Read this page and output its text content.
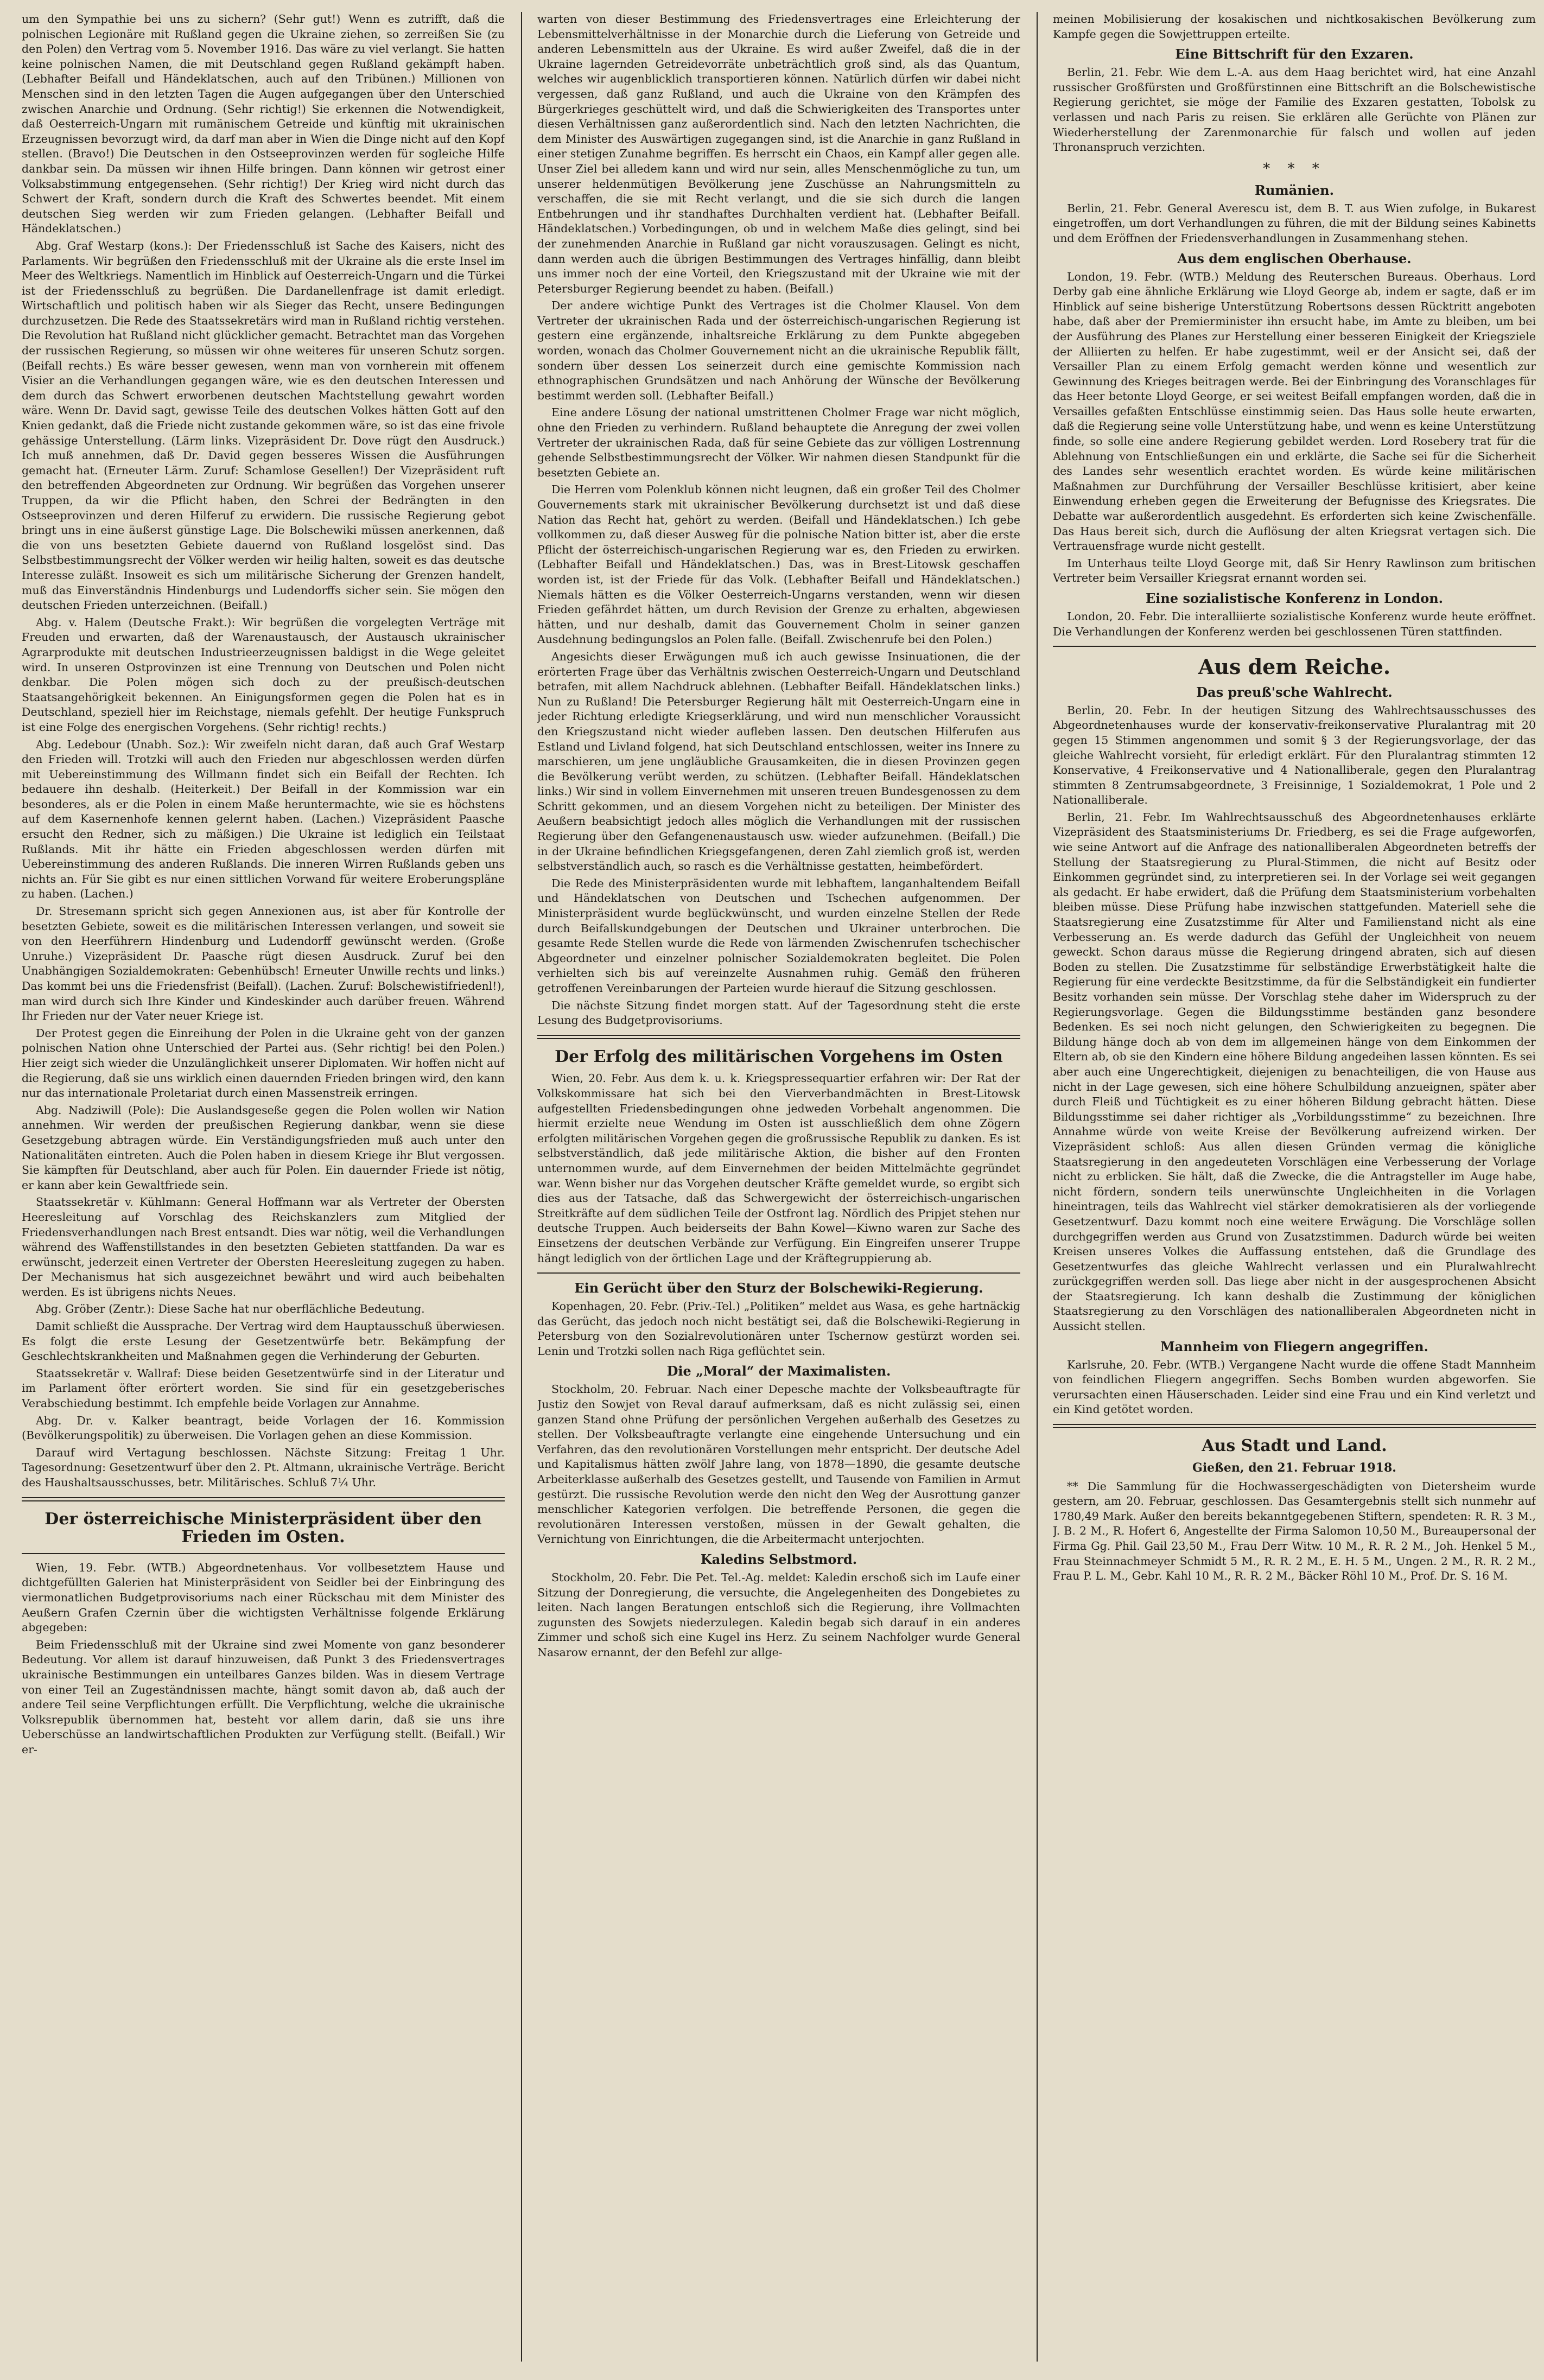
um den Sympathie bei uns zu sichern? (Sehr gut!) Wenn es zutrifft, daß die polnischen Legionäre mit Rußland gegen die Ukraine ziehen, so zerreißen Sie (zu den Polen) den Vertrag vom 5. November 1916. Das wäre zu viel verlangt. Sie hatten keine polnischen Namen, die mit Deutschland gegen Rußland gekämpft haben. (Lebhafter Beifall und Händeklatschen, auch auf den Tribünen.) Millionen von Menschen sind in den letzten Tagen die Augen aufgegangen über den Unterschied zwischen Anarchie und Ordnung. (Sehr richtig!) Sie erkennen die Notwendigkeit, daß Oesterreich-Ungarn mit rumänischem Getreide und künftig mit ukrainischen Erzeugnissen bevorzugt wird, da darf man aber in Wien die Dinge nicht auf den Kopf stellen. (Bravo!) Die Deutschen in den Ostseeprovinzen werden für sogleiche Hilfe dankbar sein. Da müssen wir ihnen Hilfe bringen. Dann können wir getrost einer Volksabstimmung entgegensehen. (Sehr richtig!) Der Krieg wird nicht durch das Schwert der Kraft, sondern durch die Kraft des Schwertes beendet. Mit einem deutschen Sieg werden wir zum Frieden gelangen. (Lebhafter Beifall und Händeklatschen.)

Abg. Graf Westarp (kons.): Der Friedensschluß ist Sache des Kaisers, nicht des Parlaments. Wir begrüßen den Friedensschluß mit der Ukraine als die erste Insel im Meer des Weltkriegs. Namentlich im Hinblick auf Oesterreich-Ungarn und die Türkei ist der Friedensschluß zu begrüßen. Die Dardanellenfrage ist damit erledigt. Wirtschaftlich und politisch haben wir als Sieger das Recht, unsere Bedingungen durchzusetzen. Die Rede des Staatssekretärs wird man in Rußland richtig verstehen. Die Revolution hat Rußland nicht glücklicher gemacht. Betrachtet man das Vorgehen der russischen Regierung, so müssen wir ohne weiteres für unseren Schutz sorgen. (Beifall rechts.) Es wäre besser gewesen, wenn man von vornherein mit offenem Visier an die Verhandlungen gegangen wäre, wie es den deutschen Interessen und dem durch das Schwert erworbenen deutschen Machtstellung gewahrt worden wäre. Wenn Dr. David sagt, gewisse Teile des deutschen Volkes hätten Gott auf den Knien gedankt, daß die Friede nicht zustande gekommen wäre, so ist das eine frivole gehässige Unterstellung. (Lärm links. Vizepräsident Dr. Dove rügt den Ausdruck.) Ich muß annehmen, daß Dr. David gegen besseres Wissen die Ausführungen gemacht hat. (Erneuter Lärm. Zuruf: Schamlose Gesellen!) Der Vizepräsident ruft den betreffenden Abgeordneten zur Ordnung. Wir begrüßen das Vorgehen unserer Truppen, da wir die Pflicht haben, den Schrei der Bedrängten in den Ostseeprovinzen und deren Hilferuf zu erwidern. Die russische Regierung gebot bringt uns in eine äußerst günstige Lage. Die Bolschewiki müssen anerkennen, daß die von uns besetzten Gebiete dauernd von Rußland losgelöst sind. Das Selbstbestimmungsrecht der Völker werden wir heilig halten, soweit es das deutsche Interesse zuläßt. Insoweit es sich um militärische Sicherung der Grenzen handelt, muß das Einverständnis Hindenburgs und Ludendorffs sicher sein. Sie mögen den deutschen Frieden unterzeichnen. (Beifall.)

Abg. v. Halem (Deutsche Frakt.): Wir begrüßen die vorgelegten Verträge mit Freuden und erwarten, daß der Warenaustausch, der Austausch ukrainischer Agrarprodukte mit deutschen Industrieerzeugnissen baldigst in die Wege geleitet wird. In unseren Ostprovinzen ist eine Trennung von Deutschen und Polen nicht denkbar. Die Polen mögen sich doch zu der preußisch-deutschen Staatsangehörigkeit bekennen. An Einigungsformen gegen die Polen hat es in Deutschland, speziell hier im Reichstage, niemals gefehlt. Der heutige Funkspruch ist eine Folge des energischen Vorgehens. (Sehr richtig! rechts.)

Abg. Ledebour (Unabh. Soz.): Wir zweifeln nicht daran, daß auch Graf Westarp den Frieden will. Trotzki will auch den Frieden nur abgeschlossen werden dürfen mit Uebereinstimmung des Willmann findet sich ein Beifall der Rechten. Ich bedauere ihn deshalb. (Heiterkeit.) Der Beifall in der Kommission war ein besonderes, als er die Polen in einem Maße heruntermachte, wie sie es höchstens auf dem Kasernenhofe kennen gelernt haben. (Lachen.) Vizepräsident Paasche ersucht den Redner, sich zu mäßigen.) Die Ukraine ist lediglich ein Teilstaat Rußlands. Mit ihr hätte ein Frieden abgeschlossen werden dürfen mit Uebereinstimmung des anderen Rußlands. Die inneren Wirren Rußlands geben uns nichts an. Für Sie gibt es nur einen sittlichen Vorwand für weitere Eroberungspläne zu haben. (Lachen.)

Dr. Stresemann spricht sich gegen Annexionen aus, ist aber für Kontrolle der besetzten Gebiete, soweit es die militärischen Interessen verlangen, und soweit sie von den Heerführern Hindenburg und Ludendorff gewünscht werden. (Große Unruhe.) Vizepräsident Dr. Paasche rügt diesen Ausdruck. Zuruf bei den Unabhängigen Sozialdemokraten: Gebenhübsch! Erneuter Unwille rechts und links.) Das kommt bei uns die Friedensfrist (Beifall). (Lachen. Zuruf: Bolschewistifriedenl!), man wird durch sich Ihre Kinder und Kindeskinder auch darüber freuen. Während Ihr Frieden nur der Vater neuer Kriege ist.

Der Protest gegen die Einreihung der Polen in die Ukraine geht von der ganzen polnischen Nation ohne Unterschied der Partei aus. (Sehr richtig! bei den Polen.) Hier zeigt sich wieder die Unzulänglichkeit unserer Diplomaten. Wir hoffen nicht auf die Regierung, daß sie uns wirklich einen dauernden Frieden bringen wird, den kann nur das internationale Proletariat durch einen Massenstreik erringen.

Abg. Nadziwill (Pole): Die Auslandsgeseße gegen die Polen wollen wir Nation annehmen. Wir werden der preußischen Regierung dankbar, wenn sie diese Gesetzgebung abtragen würde. Ein Verständigungsfrieden muß auch unter den Nationalitäten eintreten. Auch die Polen haben in diesem Kriege ihr Blut vergossen. Sie kämpften für Deutschland, aber auch für Polen. Ein dauernder Friede ist nötig, er kann aber kein Gewaltfriede sein.

Staatssekretär v. Kühlmann: General Hoffmann war als Vertreter der Obersten Heeresleitung auf Vorschlag des Reichskanzlers zum Mitglied der Friedensverhandlungen nach Brest entsandt. Dies war nötig, weil die Verhandlungen während des Waffenstillstandes in den besetzten Gebieten stattfanden. Da war es erwünscht, jederzeit einen Vertreter der Obersten Heeresleitung zugegen zu haben. Der Mechanismus hat sich ausgezeichnet bewährt und wird auch beibehalten werden. Es ist übrigens nichts Neues.

Abg. Gröber (Zentr.): Diese Sache hat nur oberflächliche Bedeutung.

Damit schließt die Aussprache. Der Vertrag wird dem Hauptausschuß überwiesen. Es folgt die erste Lesung der Gesetzentwürfe betr. Bekämpfung der Geschlechtskrankheiten und Maßnahmen gegen die Verhinderung der Geburten.

Staatssekretär v. Wallraf: Diese beiden Gesetzentwürfe sind in der Literatur und im Parlament öfter erörtert worden. Sie sind für ein gesetzgeberisches Verabschiedung bestimmt. Ich empfehle beide Vorlagen zur Annahme.

Abg. Dr. v. Kalker beantragt, beide Vorlagen der 16. Kommission (Bevölkerungspolitik) zu überweisen. Die Vorlagen gehen an diese Kommission.

Darauf wird Vertagung beschlossen. Nächste Sitzung: Freitag 1 Uhr. Tagesordnung: Gesetzentwurf über den 2. Pt. Altmann, ukrainische Verträge. Bericht des Haushaltsausschusses, betr. Militärisches. Schluß 7¼ Uhr.

Der österreichische Ministerpräsident über den Frieden im Osten.

Wien, 19. Febr. (WTB.) Abgeordnetenhaus. Vor vollbesetztem Hause und dichtgefüllten Galerien hat Ministerpräsident von Seidler bei der Einbringung des viermonatlichen Budgetprovisoriums nach einer Rückschau mit dem Minister des Aeußern Grafen Czernin über die wichtigsten Verhältnisse folgende Erklärung abgegeben:

Beim Friedensschluß mit der Ukraine sind zwei Momente von ganz besonderer Bedeutung. Vor allem ist darauf hinzuweisen, daß Punkt 3 des Friedensvertrages ukrainische Bestimmungen ein unteilbares Ganzes bilden. Was in diesem Vertrage von einer Teil an Zugeständnissen machte, hängt somit davon ab, daß auch der andere Teil seine Verpflichtungen erfüllt. Die Verpflichtung, welche die ukrainische Volksrepublik übernommen hat, besteht vor allem darin, daß sie uns ihre Ueberschüsse an landwirtschaftlichen Produkten zur Verfügung stellt. (Beifall.) Wir er-

warten von dieser Bestimmung des Friedensvertrages eine Erleichterung der Lebensmittelverhältnisse in der Monarchie durch die Lieferung von Getreide und anderen Lebensmitteln aus der Ukraine. Es wird außer Zweifel, daß die in der Ukraine lagernden Getreidevorräte unbeträchtlich groß sind, als das Quantum, welches wir augenblicklich transportieren können. Natürlich dürfen wir dabei nicht vergessen, daß ganz Rußland, und auch die Ukraine von den Krämpfen des Bürgerkrieges geschüttelt wird, und daß die Schwierigkeiten des Transportes unter diesen Verhältnissen ganz außerordentlich sind. Nach den letzten Nachrichten, die dem Minister des Auswärtigen zugegangen sind, ist die Anarchie in ganz Rußland in einer stetigen Zunahme begriffen. Es herrscht ein Chaos, ein Kampf aller gegen alle. Unser Ziel bei alledem kann und wird nur sein, alles Menschenmögliche zu tun, um unserer heldenmütigen Bevölkerung jene Zuschüsse an Nahrungsmitteln zu verschaffen, die sie mit Recht verlangt, und die sie sich durch die langen Entbehrungen und ihr standhaftes Durchhalten verdient hat. (Lebhafter Beifall. Händeklatschen.) Vorbedingungen, ob und in welchem Maße dies gelingt, sind bei der zunehmenden Anarchie in Rußland gar nicht vorauszusagen. Gelingt es nicht, dann werden auch die übrigen Bestimmungen des Vertrages hinfällig, dann bleibt uns immer noch der eine Vorteil, den Kriegszustand mit der Ukraine wie mit der Petersburger Regierung beendet zu haben. (Beifall.)

Der andere wichtige Punkt des Vertrages ist die Cholmer Klausel. Von dem Vertreter der ukrainischen Rada und der österreichisch-ungarischen Regierung ist gestern eine ergänzende, inhaltsreiche Erklärung zu dem Punkte abgegeben worden, wonach das Cholmer Gouvernement nicht an die ukrainische Republik fällt, sondern über dessen Los seinerzeit durch eine gemischte Kommission nach ethnographischen Grundsätzen und nach Anhörung der Wünsche der Bevölkerung bestimmt werden soll. (Lebhafter Beifall.)

Eine andere Lösung der national umstrittenen Cholmer Frage war nicht möglich, ohne den Frieden zu verhindern. Rußland behauptete die Anregung der zwei vollen Vertreter der ukrainischen Rada, daß für seine Gebiete das zur völligen Lostrennung gehende Selbstbestimmungsrecht der Völker. Wir nahmen diesen Standpunkt für die besetzten Gebiete an.

Die Herren vom Polenklub können nicht leugnen, daß ein großer Teil des Cholmer Gouvernements stark mit ukrainischer Bevölkerung durchsetzt ist und daß diese Nation das Recht hat, gehört zu werden. (Beifall und Händeklatschen.) Ich gebe vollkommen zu, daß dieser Ausweg für die polnische Nation bitter ist, aber die erste Pflicht der österreichisch-ungarischen Regierung war es, den Frieden zu erwirken. (Lebhafter Beifall und Händeklatschen.) Das, was in Brest-Litowsk geschaffen worden ist, ist der Friede für das Volk. (Lebhafter Beifall und Händeklatschen.) Niemals hätten es die Völker Oesterreich-Ungarns verstanden, wenn wir diesen Frieden gefährdet hätten, um durch Revision der Grenze zu erhalten, abgewiesen hätten, und nur deshalb, damit das Gouvernement Cholm in seiner ganzen Ausdehnung bedingungslos an Polen falle. (Beifall. Zwischenrufe bei den Polen.)

Angesichts dieser Erwägungen muß ich auch gewisse Insinuationen, die der erörterten Frage über das Verhältnis zwischen Oesterreich-Ungarn und Deutschland betrafen, mit allem Nachdruck ablehnen. (Lebhafter Beifall. Händeklatschen links.) Nun zu Rußland! Die Petersburger Regierung hält mit Oesterreich-Ungarn eine in jeder Richtung erledigte Kriegserklärung, und wird nun menschlicher Voraussicht den Kriegszustand nicht wieder aufleben lassen. Den deutschen Hilferufen aus Estland und Livland folgend, hat sich Deutschland entschlossen, weiter ins Innere zu marschieren, um jene ungläubliche Grausamkeiten, die in diesen Provinzen gegen die Bevölkerung verübt werden, zu schützen. (Lebhafter Beifall. Händeklatschen links.) Wir sind in vollem Einvernehmen mit unseren treuen Bundesgenossen zu dem Schritt gekommen, und an diesem Vorgehen nicht zu beteiligen. Der Minister des Aeußern beabsichtigt jedoch alles möglich die Verhandlungen mit der russischen Regierung über den Gefangenenaustausch usw. wieder aufzunehmen. (Beifall.) Die in der Ukraine befindlichen Kriegsgefangenen, deren Zahl ziemlich groß ist, werden selbstverständlich auch, so rasch es die Verhältnisse gestatten, heimbefördert.

Die Rede des Ministerpräsidenten wurde mit lebhaftem, langanhaltendem Beifall und Händeklatschen von Deutschen und Tschechen aufgenommen. Der Ministerpräsident wurde beglückwünscht, und wurden einzelne Stellen der Rede durch Beifallskundgebungen der Deutschen und Ukrainer unterbrochen. Die gesamte Rede Stellen wurde die Rede von lärmenden Zwischenrufen tschechischer Abgeordneter und einzelner polnischer Sozialdemokraten begleitet. Die Polen verhielten sich bis auf vereinzelte Ausnahmen ruhig. Gemäß den früheren getroffenen Vereinbarungen der Parteien wurde hierauf die Sitzung geschlossen.

Die nächste Sitzung findet morgen statt. Auf der Tagesordnung steht die erste Lesung des Budgetprovisoriums.

Der Erfolg des militärischen Vorgehens im Osten

Wien, 20. Febr. Aus dem k. u. k. Kriegspressequartier erfahren wir: Der Rat der Volkskommissare hat sich bei den Vierverbandmächten in Brest-Litowsk aufgestellten Friedensbedingungen ohne jedweden Vorbehalt angenommen. Die hiermit erzielte neue Wendung im Osten ist ausschließlich dem ohne Zögern erfolgten militärischen Vorgehen gegen die großrussische Republik zu danken. Es ist selbstverständlich, daß jede militärische Aktion, die bisher auf den Fronten unternommen wurde, auf dem Einvernehmen der beiden Mittelmächte gegründet war. Wenn bisher nur das Vorgehen deutscher Kräfte gemeldet wurde, so ergibt sich dies aus der Tatsache, daß das Schwergewicht der österreichisch-ungarischen Streitkräfte auf dem südlichen Teile der Ostfront lag. Nördlich des Pripjet stehen nur deutsche Truppen. Auch beiderseits der Bahn Kowel—Kiwno waren zur Sache des Einsetzens der deutschen Verbände zur Verfügung. Ein Eingreifen unserer Truppe hängt lediglich von der örtlichen Lage und der Kräftegruppierung ab.

Ein Gerücht über den Sturz der Bolschewiki-Regierung.

Kopenhagen, 20. Febr. (Priv.-Tel.) „Politiken“ meldet aus Wasa, es gehe hartnäckig das Gerücht, das jedoch noch nicht bestätigt sei, daß die Bolschewiki-Regierung in Petersburg von den Sozialrevolutionären unter Tschernow gestürzt worden sei. Lenin und Trotzki sollen nach Riga geflüchtet sein.

Die „Moral“ der Maximalisten.

Stockholm, 20. Februar. Nach einer Depesche machte der Volksbeauftragte für Justiz den Sowjet von Reval darauf aufmerksam, daß es nicht zulässig sei, einen ganzen Stand ohne Prüfung der persönlichen Vergehen außerhalb des Gesetzes zu stellen. Der Volksbeauftragte verlangte eine eingehende Untersuchung und ein Verfahren, das den revolutionären Vorstellungen mehr entspricht. Der deutsche Adel und Kapitalismus hätten zwölf Jahre lang, von 1878—1890, die gesamte deutsche Arbeiterklasse außerhalb des Gesetzes gestellt, und Tausende von Familien in Armut gestürzt. Die russische Revolution werde den nicht den Weg der Ausrottung ganzer menschlicher Kategorien verfolgen. Die betreffende Personen, die gegen die revolutionären Interessen verstoßen, müssen in der Gewalt gehalten, die Vernichtung von Einrichtungen, die die Arbeitermacht unterjochten.

Kaledins Selbstmord.

Stockholm, 20. Febr. Die Pet. Tel.-Ag. meldet: Kaledin erschoß sich im Laufe einer Sitzung der Donregierung, die versuchte, die Angelegenheiten des Dongebietes zu leiten. Nach langen Beratungen entschloß sich die Regierung, ihre Vollmachten zugunsten des Sowjets niederzulegen. Kaledin begab sich darauf in ein anderes Zimmer und schoß sich eine Kugel ins Herz. Zu seinem Nachfolger wurde General Nasarow ernannt, der den Befehl zur allge-

meinen Mobilisierung der kosakischen und nichtkosakischen Bevölkerung zum Kampfe gegen die Sowjettruppen erteilte.

Eine Bittschrift für den Exzaren.

Berlin, 21. Febr. Wie dem L.-A. aus dem Haag berichtet wird, hat eine Anzahl russischer Großfürsten und Großfürstinnen eine Bittschrift an die Bolschewistische Regierung gerichtet, sie möge der Familie des Exzaren gestatten, Tobolsk zu verlassen und nach Paris zu reisen. Sie erklären alle Gerüchte von Plänen zur Wiederherstellung der Zarenmonarchie für falsch und wollen auf jeden Thronanspruch verzichten.

* * *
Rumänien.

Berlin, 21. Febr. General Averescu ist, dem B. T. aus Wien zufolge, in Bukarest eingetroffen, um dort Verhandlungen zu führen, die mit der Bildung seines Kabinetts und dem Eröffnen der Friedensverhandlungen in Zusammenhang stehen.

Aus dem englischen Oberhause.

London, 19. Febr. (WTB.) Meldung des Reuterschen Bureaus. Oberhaus. Lord Derby gab eine ähnliche Erklärung wie Lloyd George ab, indem er sagte, daß er im Hinblick auf seine bisherige Unterstützung Robertsons dessen Rücktritt angeboten habe, daß aber der Premierminister ihn ersucht habe, im Amte zu bleiben, um bei der Ausführung des Planes zur Herstellung einer besseren Einigkeit der Kriegsziele der Alliierten zu helfen. Er habe zugestimmt, weil er der Ansicht sei, daß der Versailler Plan zu einem Erfolg gemacht werden könne und wesentlich zur Gewinnung des Krieges beitragen werde. Bei der Einbringung des Voranschlages für das Heer betonte Lloyd George, er sei weitest Beifall empfangen worden, daß die in Versailles gefaßten Entschlüsse einstimmig seien. Das Haus solle heute erwarten, daß die Regierung seine volle Unterstützung habe, und wenn es keine Unterstützung finde, so solle eine andere Regierung gebildet werden. Lord Rosebery trat für die Ablehnung von Entschließungen ein und erklärte, die Sache sei für die Sicherheit des Landes sehr wesentlich erachtet worden. Es würde keine militärischen Maßnahmen zur Durchführung der Versailler Beschlüsse kritisiert, aber keine Einwendung erheben gegen die Erweiterung der Befugnisse des Kriegsrates. Die Debatte war außerordentlich ausgedehnt. Es erforderten sich keine Zwischenfälle. Das Haus bereit sich, durch die Auflösung der alten Kriegsrat vertagen sich. Die Vertrauensfrage wurde nicht gestellt.

Im Unterhaus teilte Lloyd George mit, daß Sir Henry Rawlinson zum britischen Vertreter beim Versailler Kriegsrat ernannt worden sei.

Eine sozialistische Konferenz in London.

London, 20. Febr. Die interalliierte sozialistische Konferenz wurde heute eröffnet. Die Verhandlungen der Konferenz werden bei geschlossenen Türen stattfinden.

Aus dem Reiche.
Das preuß'sche Wahlrecht.

Berlin, 20. Febr. In der heutigen Sitzung des Wahlrechtsausschusses des Abgeordnetenhauses wurde der konservativ-freikonservative Pluralantrag mit 20 gegen 15 Stimmen angenommen und somit § 3 der Regierungsvorlage, der das gleiche Wahlrecht vorsieht, für erledigt erklärt. Für den Pluralantrag stimmten 12 Konservative, 4 Freikonservative und 4 Nationalliberale, gegen den Pluralantrag stimmten 8 Zentrumsabgeordnete, 3 Freisinnige, 1 Sozialdemokrat, 1 Pole und 2 Nationalliberale.

Berlin, 21. Febr. Im Wahlrechtsausschuß des Abgeordnetenhauses erklärte Vizepräsident des Staatsministeriums Dr. Friedberg, es sei die Frage aufgeworfen, wie seine Antwort auf die Anfrage des nationalliberalen Abgeordneten betreffs der Stellung der Staatsregierung zu Plural-Stimmen, die nicht auf Besitz oder Einkommen gegründet sind, zu interpretieren sei. In der Vorlage sei weit gegangen als gedacht. Er habe erwidert, daß die Prüfung dem Staatsministerium vorbehalten bleiben müsse. Diese Prüfung habe inzwischen stattgefunden. Materiell sehe die Staatsregierung eine Zusatzstimme für Alter und Familienstand nicht als eine Verbesserung an. Es werde dadurch das Gefühl der Ungleichheit von neuem geweckt. Schon daraus müsse die Regierung dringend abraten, sich auf diesen Boden zu stellen. Die Zusatzstimme für selbständige Erwerbstätigkeit halte die Regierung für eine verdeckte Besitzstimme, da für die Selbständigkeit ein fundierter Besitz vorhanden sein müsse. Der Vorschlag stehe daher im Widerspruch zu der Regierungsvorlage. Gegen die Bildungsstimme beständen ganz besondere Bedenken. Es sei noch nicht gelungen, den Schwierigkeiten zu begegnen. Die Bildung hänge doch ab von dem im allgemeinen hänge von dem Einkommen der Eltern ab, ob sie den Kindern eine höhere Bildung angedeihen lassen könnten. Es sei aber auch eine Ungerechtigkeit, diejenigen zu benachteiligen, die von Hause aus nicht in der Lage gewesen, sich eine höhere Schulbildung anzueignen, später aber durch Fleiß und Tüchtigkeit es zu einer höheren Bildung gebracht hätten. Diese Bildungsstimme sei daher richtiger als „Vorbildungsstimme“ zu bezeichnen. Ihre Annahme würde von weite Kreise der Bevölkerung aufreizend wirken. Der Vizepräsident schloß: Aus allen diesen Gründen vermag die königliche Staatsregierung in den angedeuteten Vorschlägen eine Verbesserung der Vorlage nicht zu erblicken. Sie hält, daß die Zwecke, die die Antragsteller im Auge habe, nicht fördern, sondern teils unerwünschte Ungleichheiten in die Vorlagen hineintragen, teils das Wahlrecht viel stärker demokratisieren als der vorliegende Gesetzentwurf. Dazu kommt noch eine weitere Erwägung. Die Vorschläge sollen durchgegriffen werden aus Grund von Zusatzstimmen. Dadurch würde bei weiten Kreisen unseres Volkes die Auffassung entstehen, daß die Grundlage des Gesetzentwurfes das gleiche Wahlrecht verlassen und ein Pluralwahlrecht zurückgegriffen werden soll. Das liege aber nicht in der ausgesprochenen Absicht der Staatsregierung. Ich kann deshalb die Zustimmung der königlichen Staatsregierung zu den Vorschlägen des nationalliberalen Abgeordneten nicht in Aussicht stellen.

Mannheim von Fliegern angegriffen.

Karlsruhe, 20. Febr. (WTB.) Vergangene Nacht wurde die offene Stadt Mannheim von feindlichen Fliegern angegriffen. Sechs Bomben wurden abgeworfen. Sie verursachten einen Häuserschaden. Leider sind eine Frau und ein Kind verletzt und ein Kind getötet worden.

Aus Stadt und Land.
Gießen, den 21. Februar 1918.

** Die Sammlung für die Hochwassergeschädigten von Dietersheim wurde gestern, am 20. Februar, geschlossen. Das Gesamtergebnis stellt sich nunmehr auf 1780,49 Mark. Außer den bereits bekanntgegebenen Stiftern, spendeten: R. R. 3 M., J. B. 2 M., R. Hofert 6, Angestellte der Firma Salomon 10,50 M., Bureaupersonal der Firma Gg. Phil. Gail 23,50 M., Frau Derr Witw. 10 M., R. R. 2 M., Joh. Henkel 5 M., Frau Steinnachmeyer Schmidt 5 M., R. R. 2 M., E. H. 5 M., Ungen. 2 M., R. R. 2 M., Frau P. L. M., Gebr. Kahl 10 M., R. R. 2 M., Bäcker Röhl 10 M., Prof. Dr. S. 16 M.
